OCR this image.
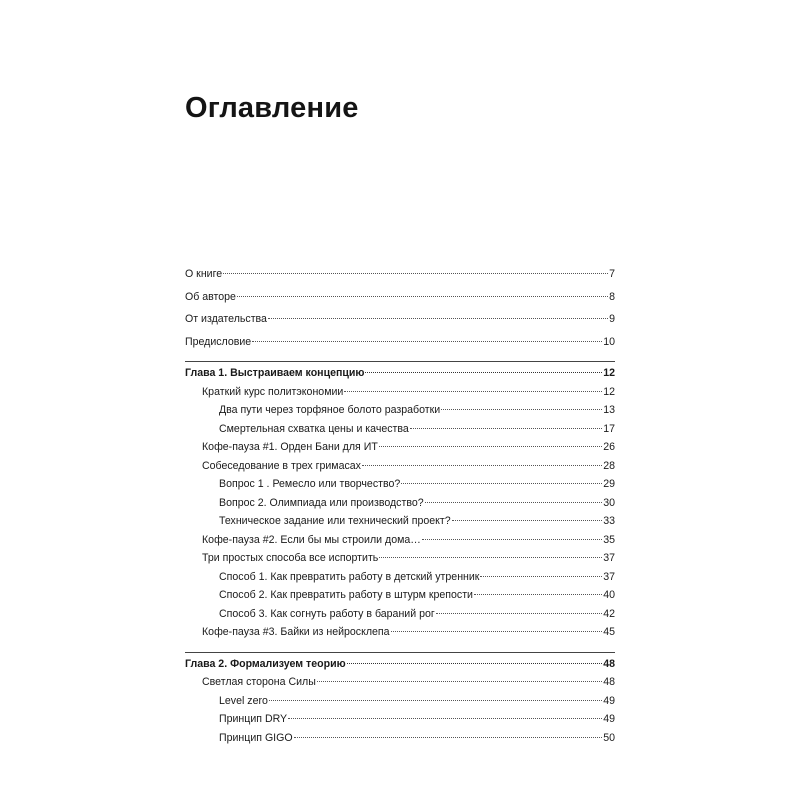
Оглавление
О книге	7
Об авторе	8
От издательства	9
Предисловие	10
Глава 1. Выстраиваем концепцию	12
Краткий курс политэкономии	12
Два пути через торфяное болото разработки	13
Смертельная схватка цены и качества	17
Кофе-пауза #1. Орден Бани для ИТ	26
Собеседование в трех гримасах	28
Вопрос 1 . Ремесло или творчество?	29
Вопрос 2. Олимпиада или производство?	30
Техническое задание или технический проект?	33
Кофе-пауза #2. Если бы мы строили дома…	35
Три простых способа все испортить	37
Способ 1. Как превратить работу в детский утренник	37
Способ 2. Как превратить работу в штурм крепости	40
Способ 3. Как согнуть работу в бараний рог	42
Кофе-пауза #3. Байки из нейросклепа	45
Глава 2. Формализуем теорию	48
Светлая сторона Силы	48
Level zero	49
Принцип DRY	49
Принцип GIGO	50
